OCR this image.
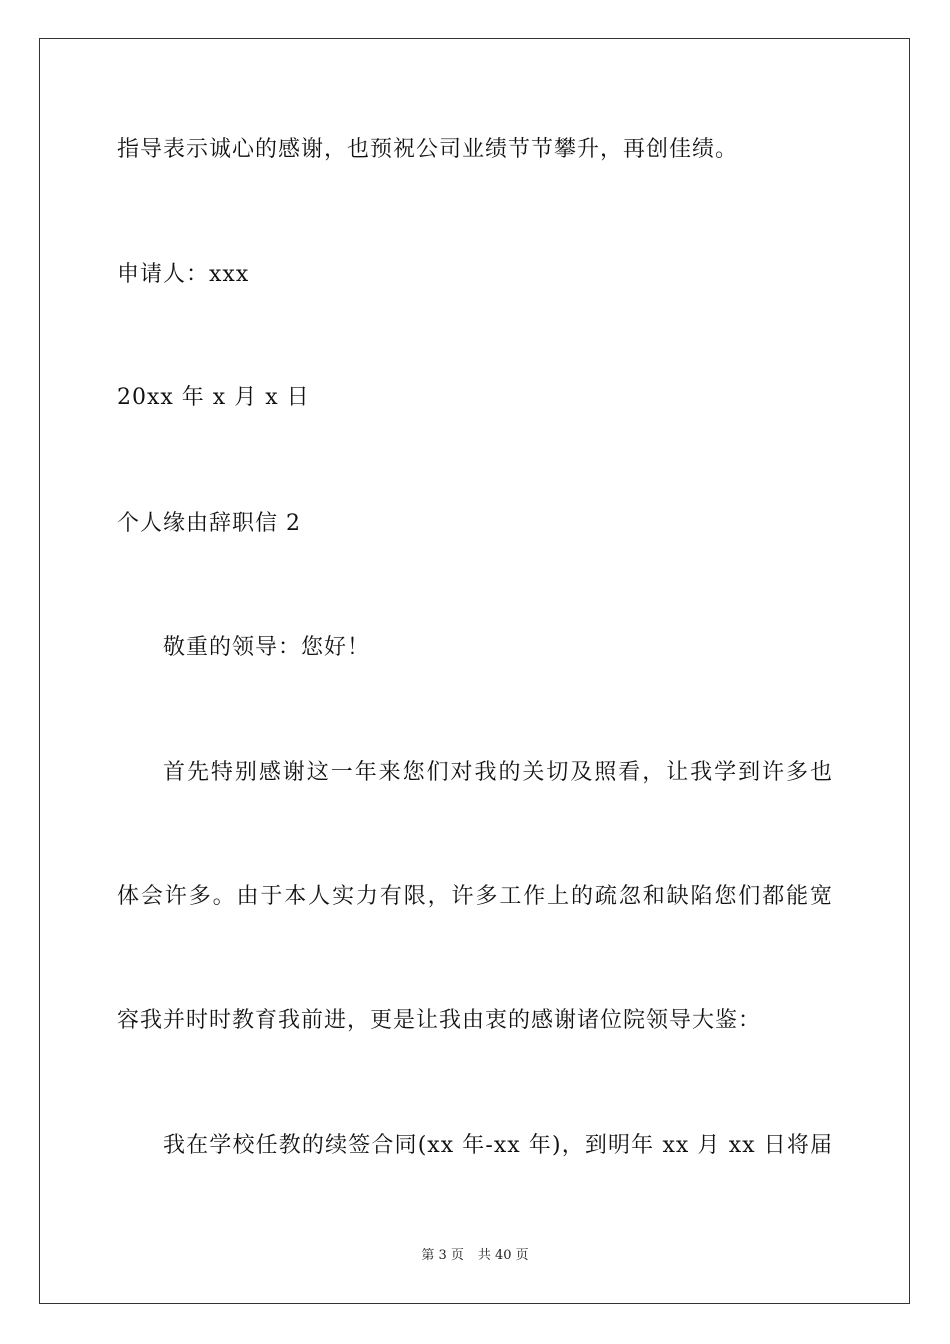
指导表示诚心的感谢，也预祝公司业绩节节攀升，再创佳绩。
申请人：xxx
20xx 年 x 月 x 日
个人缘由辞职信 2
敬重的领导：您好！
首先特别感谢这一年来您们对我的关切及照看，让我学到许多也
体会许多。由于本人实力有限，许多工作上的疏忽和缺陷您们都能宽
容我并时时教育我前进，更是让我由衷的感谢诸位院领导大鉴：
我在学校任教的续签合同(xx 年-xx 年)，到明年 xx 月 xx 日将届
第 3 页 共 40 页
